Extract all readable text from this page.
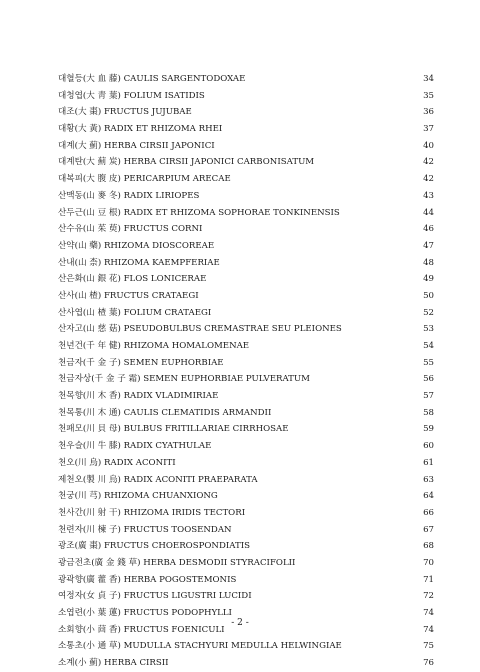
대혈등(大 血 藤) CAULIS SARGENTODOXAE	34
대청엽(大 靑 葉) FOLIUM ISATIDIS	35
대조(大 棗) FRUCTUS JUJUBAE	36
대황(大 黃) RADIX ET RHIZOMA RHEI	37
대계(大 薊) HERBA CIRSII JAPONICI	40
대계탄(大 薊 炭) HERBA CIRSII JAPONICI CARBONISATUM	42
대복피(大 腹 皮) PERICARPIUM ARECAE	42
산맥동(山 麥 冬) RADIX LIRIOPES	43
산두근(山 豆 根) RADIX ET RHIZOMA SOPHORAE TONKINENSIS	44
산수유(山 茱 萸) FRUCTUS CORNI	46
산약(山 藥) RHIZOMA DIOSCOREAE	47
산내(山 柰) RHIZOMA KAEMPFERIAE	48
산은화(山 銀 花) FLOS LONICERAE	49
산사(山 楂) FRUCTUS CRATAEGI	50
산사엽(山 楂 葉) FOLIUM CRATAEGI	52
산자고(山 慈 菇) PSEUDOBULBUS CREMASTRAE SEU PLEIONES	53
천년건(千 年 健) RHIZOMA HOMALOMENAE	54
천금자(千 金 子) SEMEN EUPHORBIAE	55
천금자상(千 金 子 霜) SEMEN EUPHORBIAE PULVERATUM	56
천목향(川 木 香) RADIX VLADIMIRIAE	57
천목통(川 木 通) CAULIS CLEMATIDIS ARMANDII	58
천패모(川 貝 母) BULBUS FRITILLARIAE CIRRHOSAE	59
천우슬(川 牛 膝) RADIX CYATHULAE	60
천오(川 烏) RADIX ACONITI	61
제천오(製 川 烏) RADIX ACONITI PRAEPARATA	63
천궁(川 芎) RHIZOMA CHUANXIONG	64
천사간(川 射 干) RHIZOMA IRIDIS TECTORI	66
천련자(川 楝 子) FRUCTUS TOOSENDAN	67
광조(廣 棗) FRUCTUS CHOEROSPONDIATIS	68
광금전초(廣 金 錢 草) HERBA DESMODII STYRACIFOLII	70
광곽향(廣 藿 香) HERBA POGOSTEMONIS	71
여정자(女 貞 子) FRUCTUS LIGUSTRI LUCIDI	72
소엽련(小 葉 蓮) FRUCTUS PODOPHYLLI	74
소회향(小 茴 香) FRUCTUS FOENICULI	74
소통초(小 通 草) MUDULLA STACHYURI MEDULLA HELWINGIAE	75
소계(小 薊) HERBA CIRSII	76
- 2 -
